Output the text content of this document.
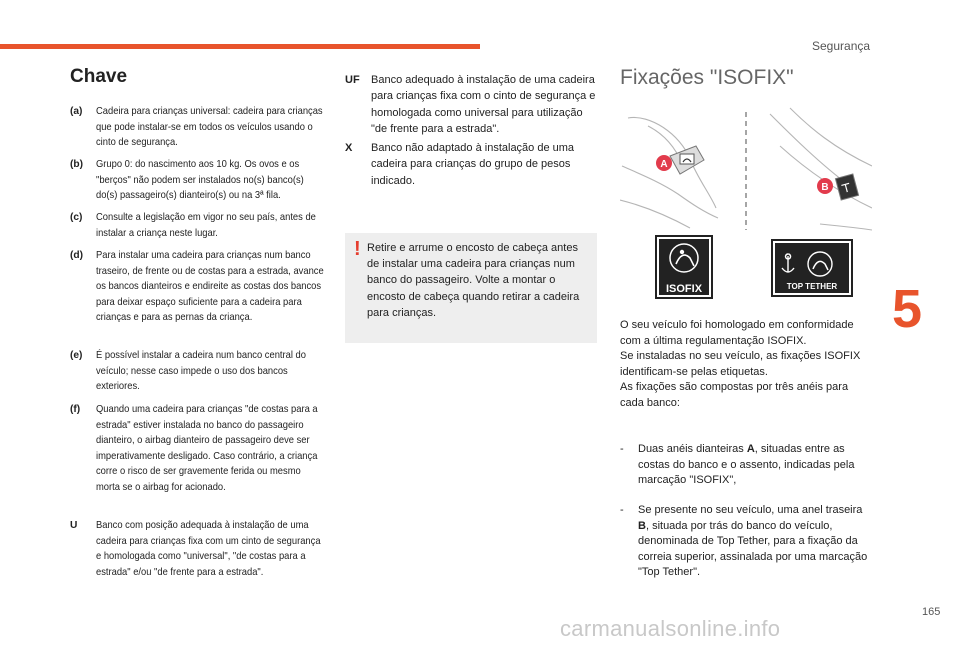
Segurança
5
Chave
(a) Cadeira para crianças universal: cadeira para crianças que pode instalar-se em todos os veículos usando o cinto de segurança.
(b) Grupo 0: do nascimento aos 10 kg. Os ovos e os "berços" não podem ser instalados no(s) banco(s) do(s) passageiro(s) dianteiro(s) ou na 3ª fila.
(c) Consulte a legislação em vigor no seu país, antes de instalar a criança neste lugar.
(d) Para instalar uma cadeira para crianças num banco traseiro, de frente ou de costas para a estrada, avance os bancos dianteiros e endireite as costas dos bancos para deixar espaço suficiente para a cadeira para crianças e para as pernas da criança.
(e) É possível instalar a cadeira num banco central do veículo; nesse caso impede o uso dos bancos exteriores.
(f) Quando uma cadeira para crianças "de costas para a estrada" estiver instalada no banco do passageiro dianteiro, o airbag dianteiro de passageiro deve ser imperativamente desligado. Caso contrário, a criança corre o risco de ser gravemente ferida ou mesmo morta se o airbag for acionado.
U Banco com posição adequada à instalação de uma cadeira para crianças fixa com um cinto de segurança e homologada como "universal", "de costas para a estrada" e/ou "de frente para a estrada".
UF Banco adequado à instalação de uma cadeira para crianças fixa com o cinto de segurança e homologada como universal para utilização "de frente para a estrada".
X Banco não adaptado à instalação de uma cadeira para crianças do grupo de pesos indicado.
! Retire e arrume o encosto de cabeça antes de instalar uma cadeira para crianças num banco do passageiro. Volte a montar o encosto de cabeça quando retirar a cadeira para crianças.
Fixações "ISOFIX"
A
B
ISOFIX	TOP TETHER

O seu veículo foi homologado em conformidade com a última regulamentação ISOFIX.

Se instaladas no seu veículo, as fixações ISOFIX identificam-se pelas etiquetas.

As fixações são compostas por três anéis para cada banco:

- Duas anéis dianteiras A, situadas entre as costas do banco e o assento, indicadas pela marcação "ISOFIX",
- Se presente no seu veículo, uma anel traseira B, situada por trás do banco do veículo, denominada de Top Tether, para a fixação da correia superior, assinalada por uma marcação "Top Tether".
165
carmanualsonline.info
